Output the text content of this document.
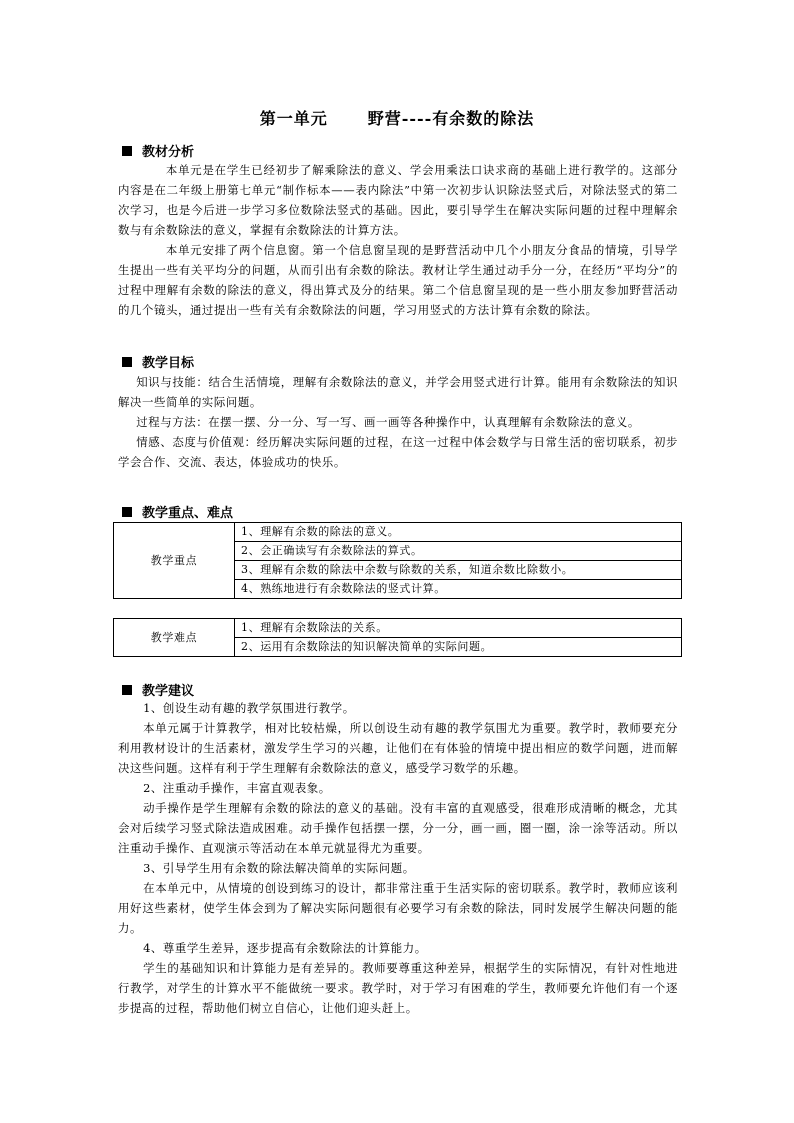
第一单元	野营----有余数的除法
教材分析

本单元是在学生已经初步了解乘除法的意义、学会用乘法口诀求商的基础上进行教学的。这部分内容是在二年级上册第七单元“制作标本——表内除法”中第一次初步认识除法竖式后，对除法竖式的第二次学习，也是今后进一步学习多位数除法竖式的基础。因此，要引导学生在解决实际问题的过程中理解余数与有余数除法的意义，掌握有余数除法的计算方法。

本单元安排了两个信息窗。第一个信息窗呈现的是野营活动中几个小朋友分食品的情境，引导学生提出一些有关平均分的问题，从而引出有余数的除法。教材让学生通过动手分一分，在经历“平均分”的过程中理解有余数的除法的意义，得出算式及分的结果。第二个信息窗呈现的是一些小朋友参加野营活动的几个镜头，通过提出一些有关有余数除法的问题，学习用竖式的方法计算有余数的除法。

教学目标

知识与技能：结合生活情境，理解有余数除法的意义，并学会用竖式进行计算。能用有余数除法的知识解决一些简单的实际问题。

过程与方法：在摆一摆、分一分、写一写、画一画等各种操作中，认真理解有余数除法的意义。

情感、态度与价值观：经历解决实际问题的过程，在这一过程中体会数学与日常生活的密切联系，初步学会合作、交流、表达，体验成功的快乐。

教学重点、难点
教学重点	1、理解有余数的除法的意义。
2、会正确读写有余数除法的算式。
3、理解有余数的除法中余数与除数的关系，知道余数比除数小。
4、熟练地进行有余数除法的竖式计算。
教学难点	1、理解有余数除法的关系。
2、运用有余数除法的知识解决简单的实际问题。
教学建议

1、创设生动有趣的教学氛围进行教学。

本单元属于计算教学，相对比较枯燥，所以创设生动有趣的教学氛围尤为重要。教学时，教师要充分利用教材设计的生活素材，激发学生学习的兴趣，让他们在有体验的情境中提出相应的数学问题，进而解决这些问题。这样有利于学生理解有余数除法的意义，感受学习数学的乐趣。

2、注重动手操作，丰富直观表象。

动手操作是学生理解有余数的除法的意义的基础。没有丰富的直观感受，很难形成清晰的概念，尤其会对后续学习竖式除法造成困难。动手操作包括摆一摆，分一分，画一画，圈一圈，涂一涂等活动。所以注重动手操作、直观演示等活动在本单元就显得尤为重要。

3、引导学生用有余数的除法解决简单的实际问题。

在本单元中，从情境的创设到练习的设计，都非常注重于生活实际的密切联系。教学时，教师应该利用好这些素材，使学生体会到为了解决实际问题很有必要学习有余数的除法，同时发展学生解决问题的能力。

4、尊重学生差异，逐步提高有余数除法的计算能力。

学生的基础知识和计算能力是有差异的。教师要尊重这种差异，根据学生的实际情况，有针对性地进行教学，对学生的计算水平不能做统一要求。教学时，对于学习有困难的学生，教师要允许他们有一个逐步提高的过程，帮助他们树立自信心，让他们迎头赶上。
